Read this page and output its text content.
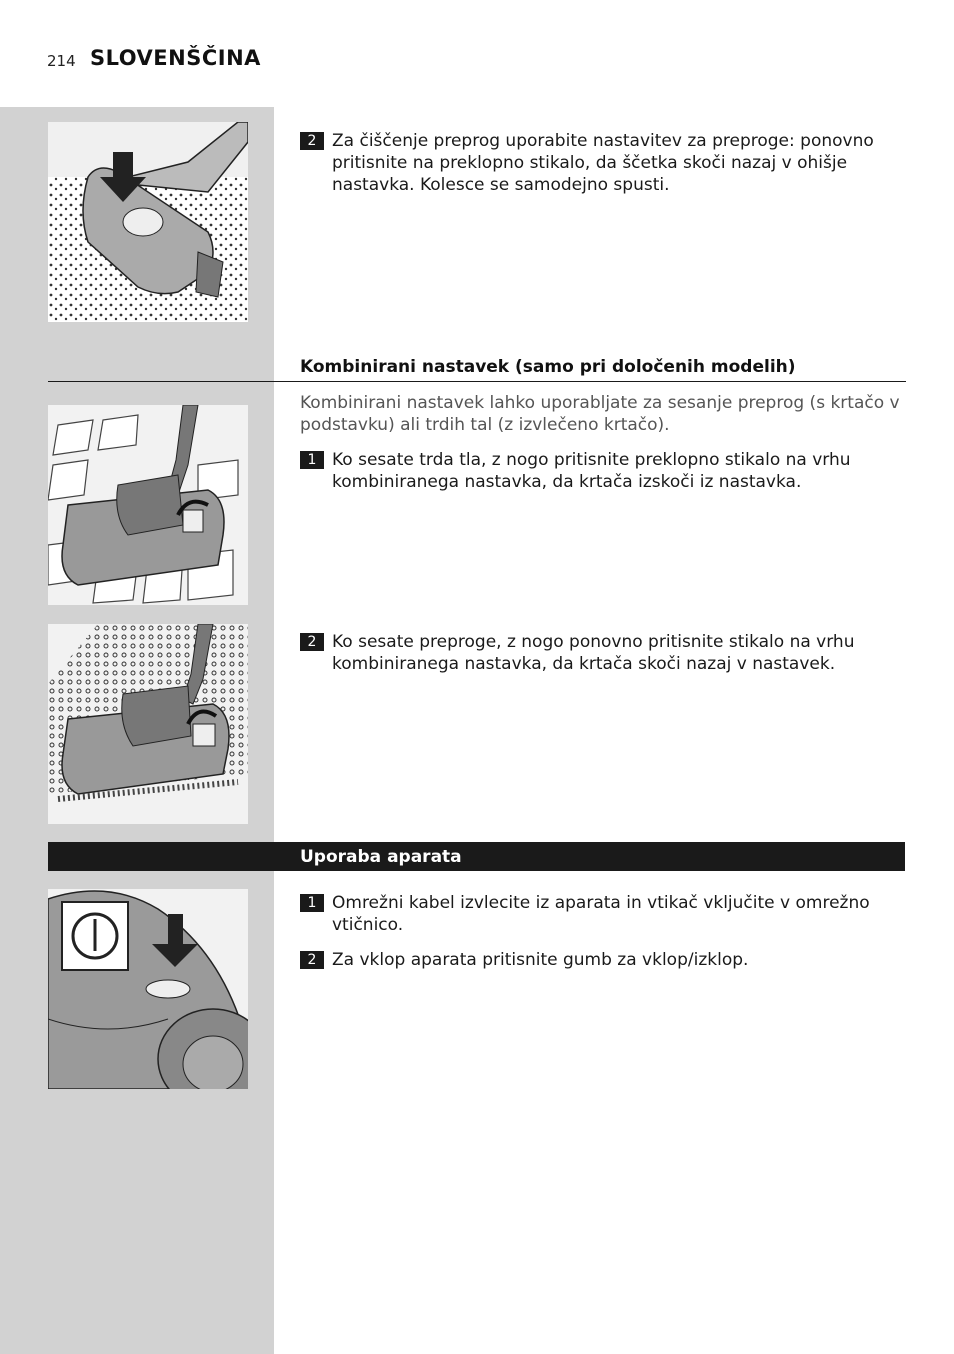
214 SLOVENŠČINA
2 Za čiščenje preprog uporabite nastavitev za preproge: ponovno pritisnite na preklopno stikalo, da ščetka skoči nazaj v ohišje nastavka. Kolesce se samodejno spusti.
Kombinirani nastavek (samo pri določenih modelih)
Kombinirani nastavek lahko uporabljate za sesanje preprog (s krtačo v podstavku) ali trdih tal (z izvlečeno krtačo).
1 Ko sesate trda tla, z nogo pritisnite preklopno stikalo na vrhu kombiniranega nastavka, da krtača izskoči iz nastavka.
2 Ko sesate preproge, z nogo ponovno pritisnite stikalo na vrhu kombiniranega nastavka, da krtača skoči nazaj v nastavek.
Uporaba aparata
1 Omrežni kabel izvlecite iz aparata in vtikač vključite v omrežno vtičnico.
2 Za vklop aparata pritisnite gumb za vklop/izklop.
